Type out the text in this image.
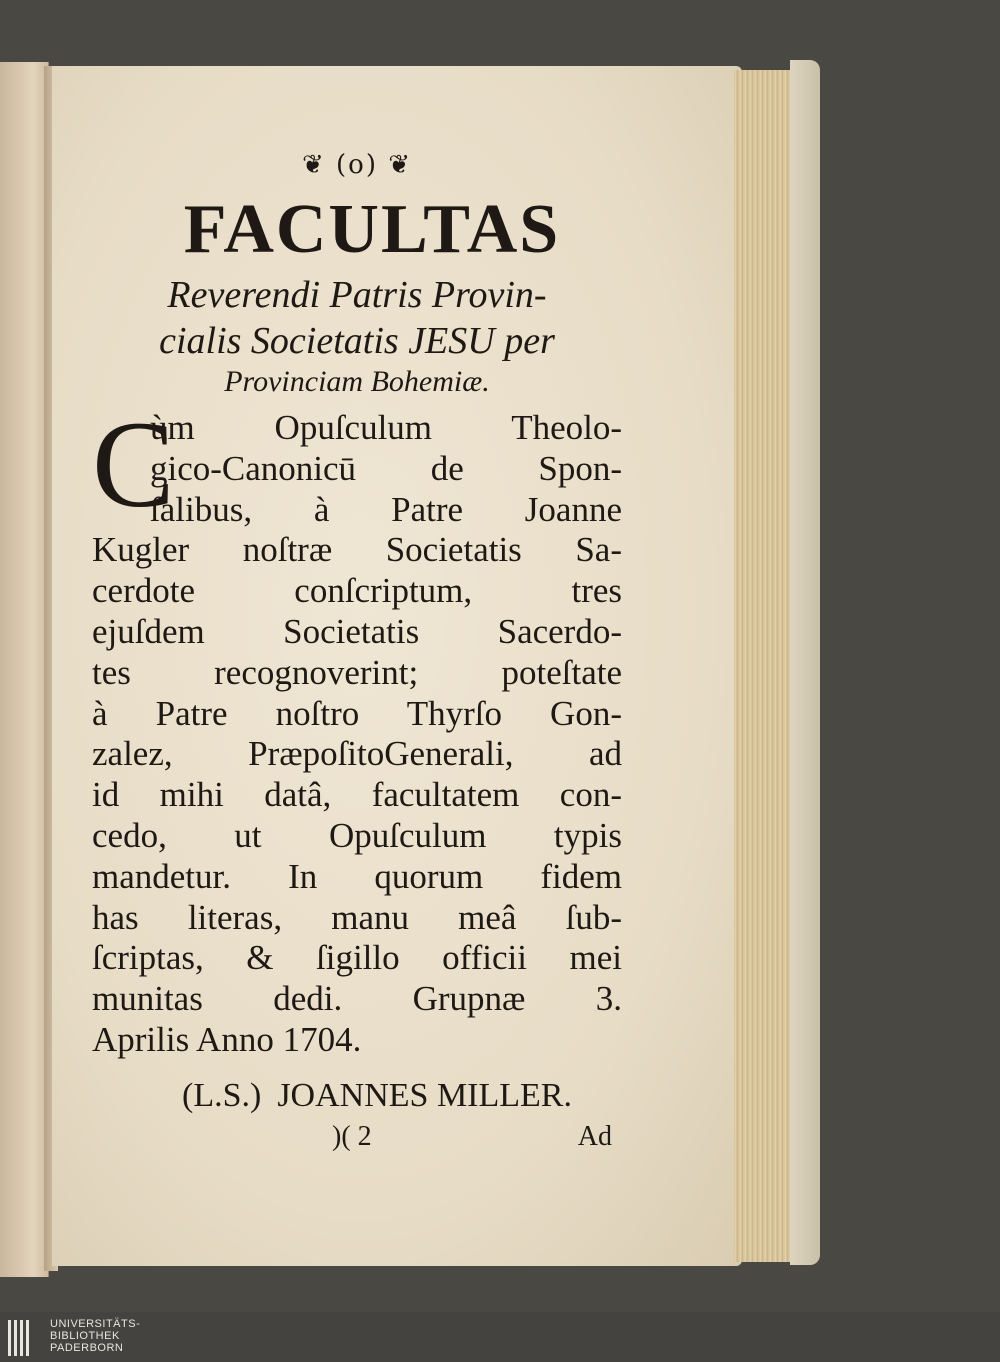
❦ (o) ❦
FACULTAS
Reverendi Patris Provin-
cialis Societatis JESU per
Provinciam Bohemiæ.
C
ùm Opuſculum Theolo-
gico-Canonicū de Spon-
ſalibus, à Patre Joanne
Kugler noſtræ Societatis Sa-
cerdote conſcriptum, tres
ejuſdem Societatis Sacerdo-
tes recognoverint; poteſtate
à Patre noſtro Thyrſo Gon-
zalez, PræpoſitoGenerali, ad
id mihi datâ, facultatem con-
cedo, ut Opuſculum typis
mandetur. In quorum fidem
has literas, manu meâ ſub-
ſcriptas, & ſigillo officii mei
munitas dedi. Grupnæ 3.
Aprilis Anno 1704.
(L.S.) JOANNES MILLER.
)( 2	Ad
UNIVERSITÄTS-
BIBLIOTHEK
PADERBORN
